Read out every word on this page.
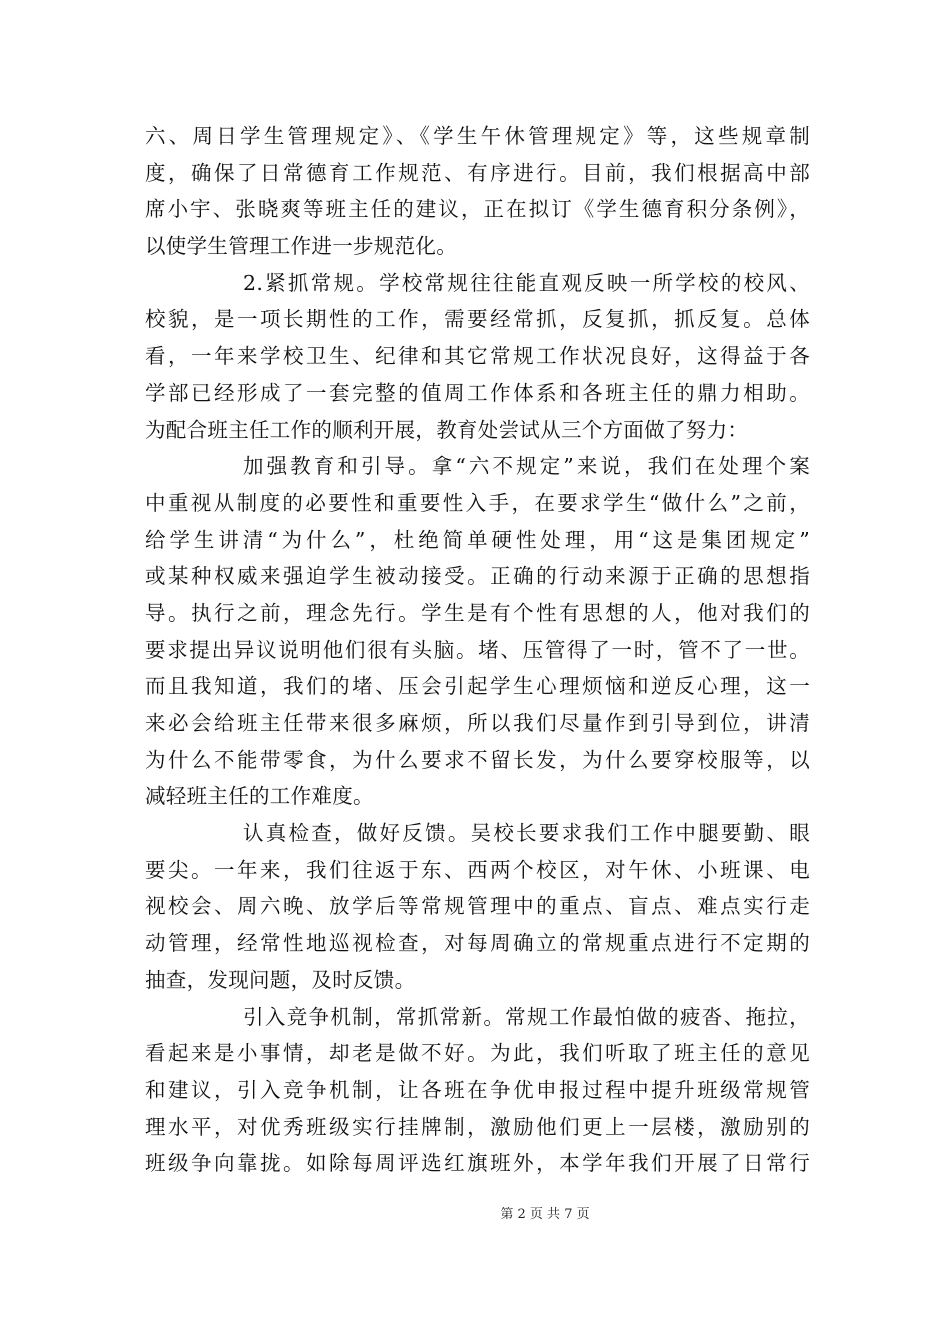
六、周日学生管理规定》、《学生午休管理规定》等，这些规章制
度，确保了日常德育工作规范、有序进行。目前，我们根据高中部
席小宇、张晓爽等班主任的建议，正在拟订《学生德育积分条例》，
以使学生管理工作进一步规范化。
2.紧抓常规。学校常规往往能直观反映一所学校的校风、
校貌，是一项长期性的工作，需要经常抓，反复抓，抓反复。总体
看，一年来学校卫生、纪律和其它常规工作状况良好，这得益于各
学部已经形成了一套完整的值周工作体系和各班主任的鼎力相助。
为配合班主任工作的顺利开展，教育处尝试从三个方面做了努力：
加强教育和引导。拿“六不规定”来说，我们在处理个案
中重视从制度的必要性和重要性入手，在要求学生“做什么”之前，
给学生讲清“为什么”，杜绝简单硬性处理，用“这是集团规定”
或某种权威来强迫学生被动接受。正确的行动来源于正确的思想指
导。执行之前，理念先行。学生是有个性有思想的人，他对我们的
要求提出异议说明他们很有头脑。堵、压管得了一时，管不了一世。
而且我知道，我们的堵、压会引起学生心理烦恼和逆反心理，这一
来必会给班主任带来很多麻烦，所以我们尽量作到引导到位，讲清
为什么不能带零食，为什么要求不留长发，为什么要穿校服等，以
减轻班主任的工作难度。
认真检查，做好反馈。吴校长要求我们工作中腿要勤、眼
要尖。一年来，我们往返于东、西两个校区，对午休、小班课、电
视校会、周六晚、放学后等常规管理中的重点、盲点、难点实行走
动管理，经常性地巡视检查，对每周确立的常规重点进行不定期的
抽查，发现问题，及时反馈。
引入竞争机制，常抓常新。常规工作最怕做的疲沓、拖拉，
看起来是小事情，却老是做不好。为此，我们听取了班主任的意见
和建议，引入竞争机制，让各班在争优申报过程中提升班级常规管
理水平，对优秀班级实行挂牌制，激励他们更上一层楼，激励别的
班级争向靠拢。如除每周评选红旗班外，本学年我们开展了日常行
第 2 页 共 7 页
